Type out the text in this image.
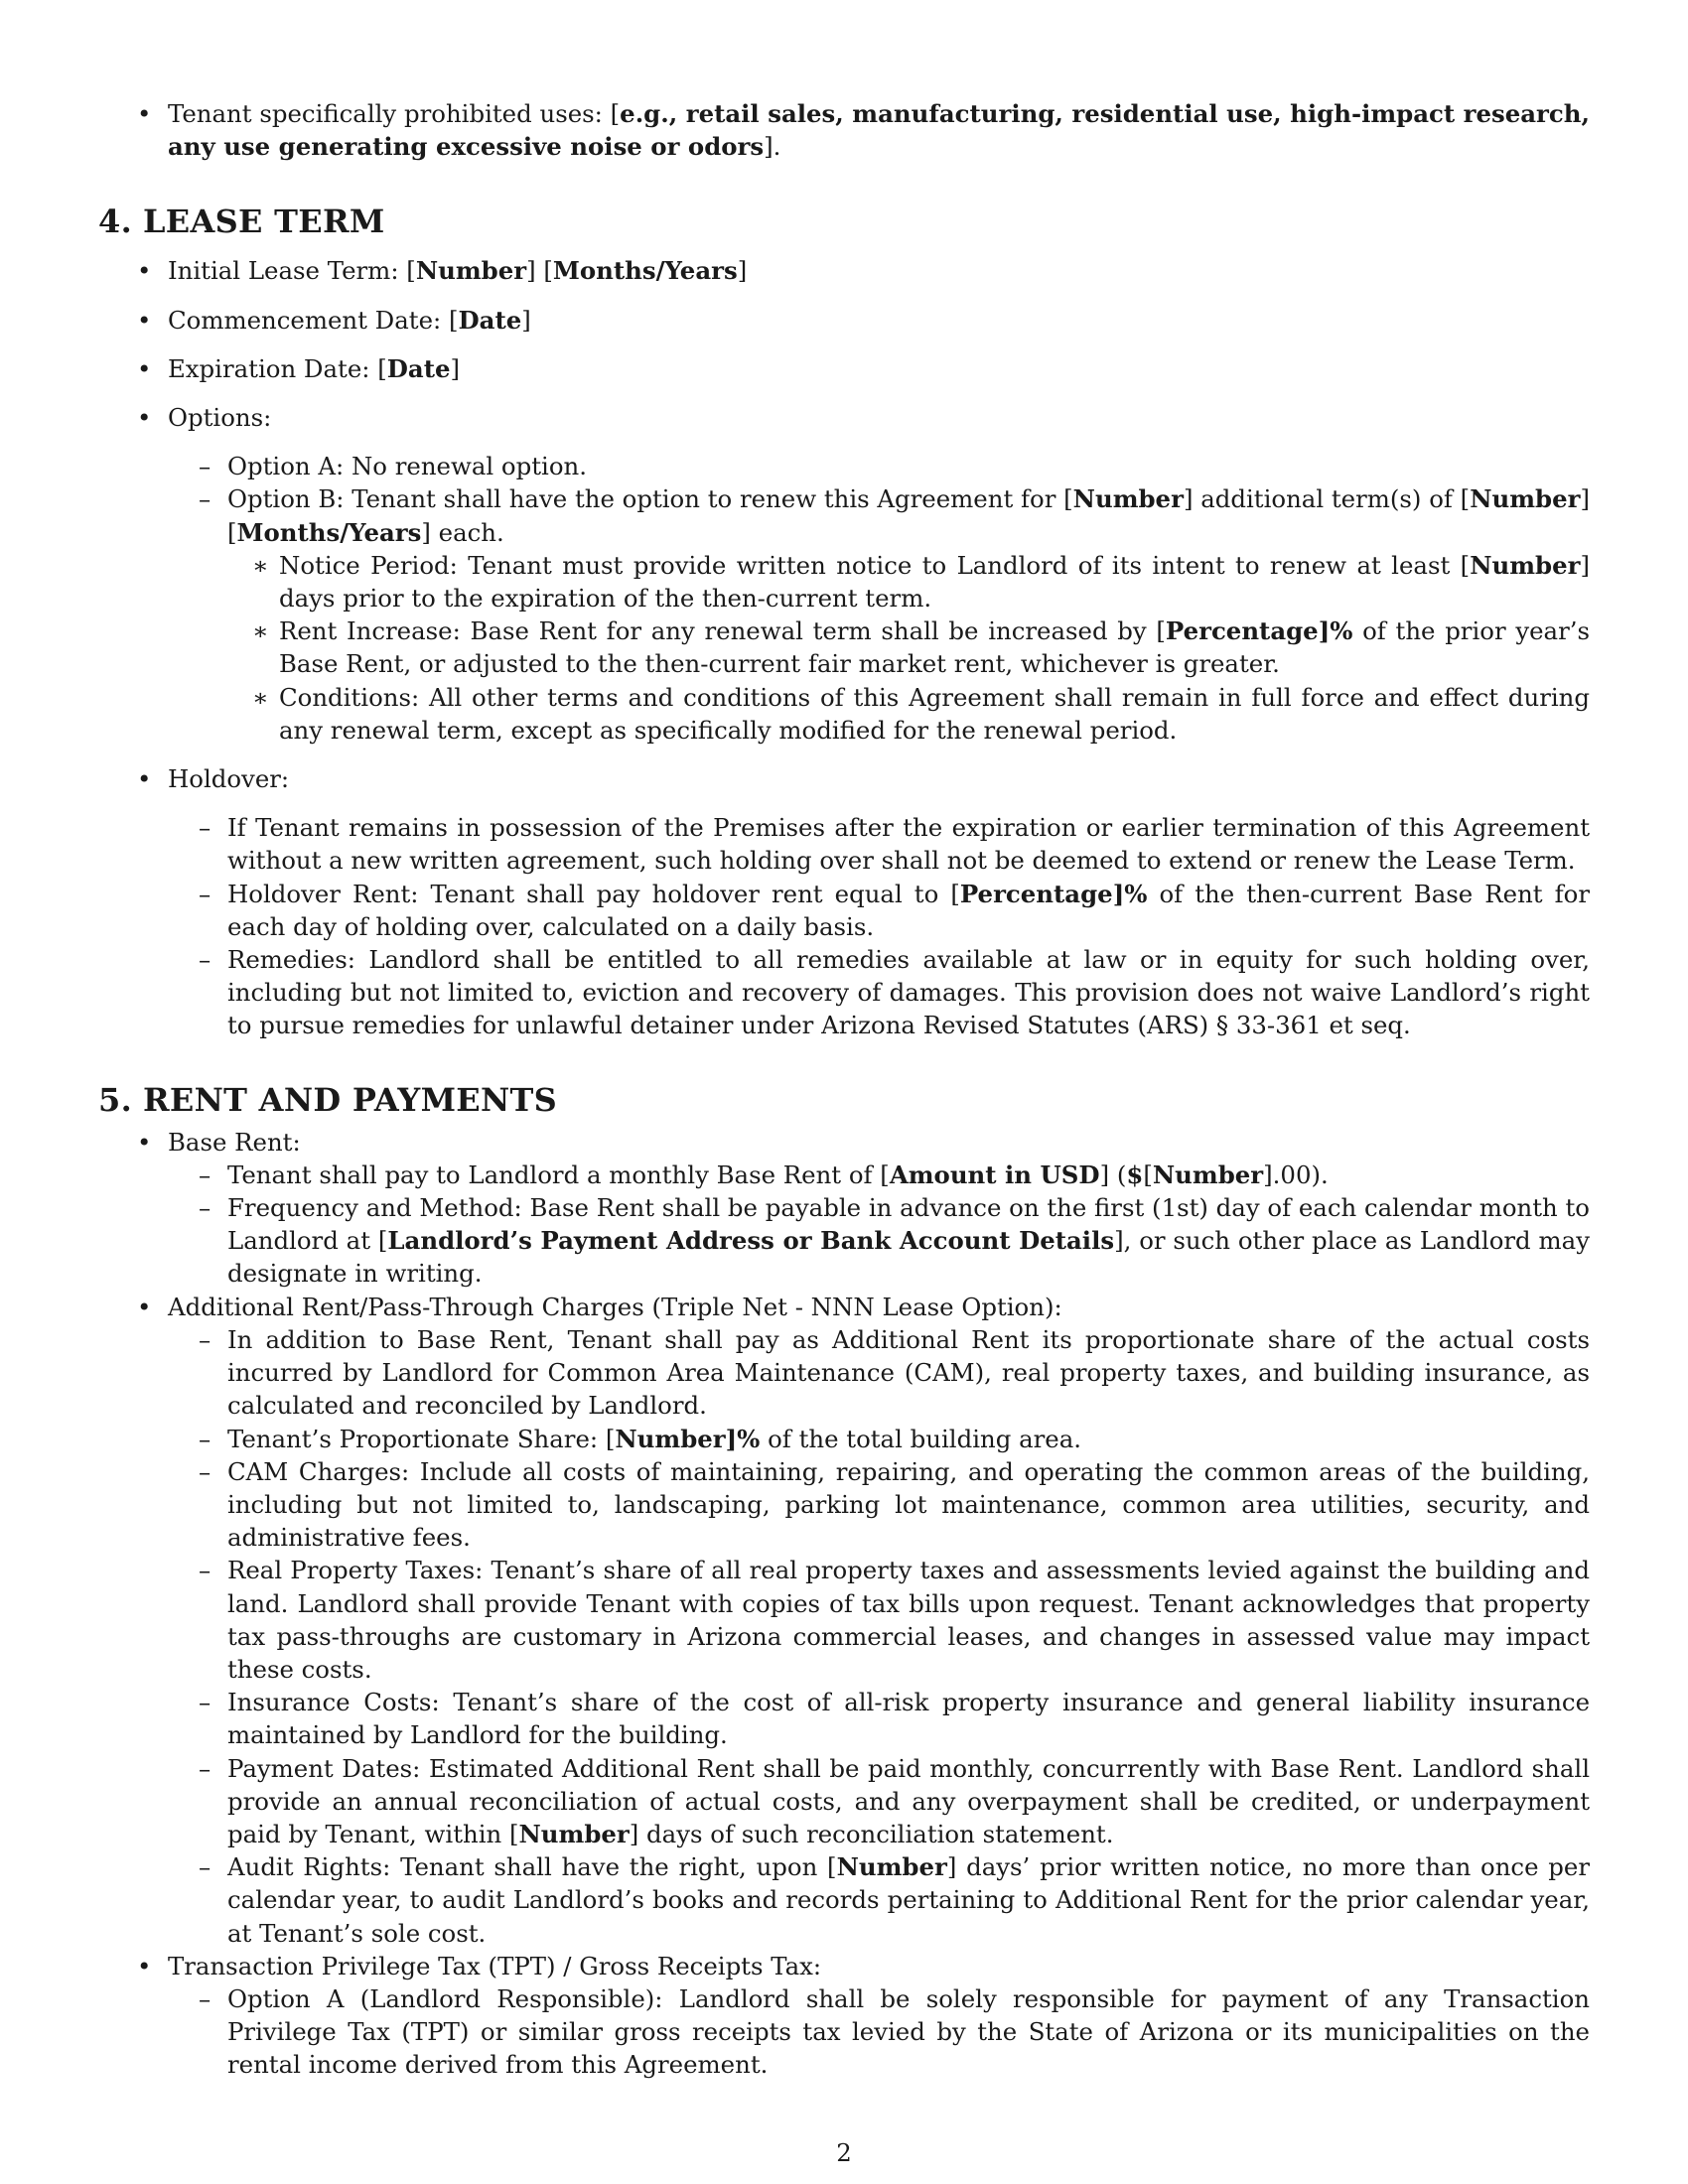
• Tenant specifically prohibited uses: [e.g., retail sales, manufacturing, residential use, high-impact research, any use generating excessive noise or odors].
4. LEASE TERM
• Initial Lease Term: [Number] [Months/Years]
• Commencement Date: [Date]
• Expiration Date: [Date]
• Options:
– Option A: No renewal option.
– Option B: Tenant shall have the option to renew this Agreement for [Number] additional term(s) of [Number] [Months/Years] each.
∗ Notice Period: Tenant must provide written notice to Landlord of its intent to renew at least [Number] days prior to the expiration of the then-current term.
∗ Rent Increase: Base Rent for any renewal term shall be increased by [Percentage]% of the prior year’s Base Rent, or adjusted to the then-current fair market rent, whichever is greater.
∗ Conditions: All other terms and conditions of this Agreement shall remain in full force and effect during any renewal term, except as specifically modified for the renewal period.
• Holdover:
– If Tenant remains in possession of the Premises after the expiration or earlier termination of this Agreement without a new written agreement, such holding over shall not be deemed to extend or renew the Lease Term.
– Holdover Rent: Tenant shall pay holdover rent equal to [Percentage]% of the then-current Base Rent for each day of holding over, calculated on a daily basis.
– Remedies: Landlord shall be entitled to all remedies available at law or in equity for such holding over, including but not limited to, eviction and recovery of damages. This provision does not waive Landlord’s right to pursue remedies for unlawful detainer under Arizona Revised Statutes (ARS) § 33-361 et seq.
5. RENT AND PAYMENTS
• Base Rent:
– Tenant shall pay to Landlord a monthly Base Rent of [Amount in USD] ($[Number].00).
– Frequency and Method: Base Rent shall be payable in advance on the first (1st) day of each calendar month to Landlord at [Landlord’s Payment Address or Bank Account Details], or such other place as Landlord may designate in writing.
• Additional Rent/Pass-Through Charges (Triple Net - NNN Lease Option):
– In addition to Base Rent, Tenant shall pay as Additional Rent its proportionate share of the actual costs incurred by Landlord for Common Area Maintenance (CAM), real property taxes, and building insurance, as calculated and reconciled by Landlord.
– Tenant’s Proportionate Share: [Number]% of the total building area.
– CAM Charges: Include all costs of maintaining, repairing, and operating the common areas of the building, including but not limited to, landscaping, parking lot maintenance, common area utilities, security, and administrative fees.
– Real Property Taxes: Tenant’s share of all real property taxes and assessments levied against the building and land. Landlord shall provide Tenant with copies of tax bills upon request. Tenant acknowledges that property tax pass-throughs are customary in Arizona commercial leases, and changes in assessed value may impact these costs.
– Insurance Costs: Tenant’s share of the cost of all-risk property insurance and general liability insurance maintained by Landlord for the building.
– Payment Dates: Estimated Additional Rent shall be paid monthly, concurrently with Base Rent. Landlord shall provide an annual reconciliation of actual costs, and any overpayment shall be credited, or underpayment paid by Tenant, within [Number] days of such reconciliation statement.
– Audit Rights: Tenant shall have the right, upon [Number] days’ prior written notice, no more than once per calendar year, to audit Landlord’s books and records pertaining to Additional Rent for the prior calendar year, at Tenant’s sole cost.
• Transaction Privilege Tax (TPT) / Gross Receipts Tax:
– Option A (Landlord Responsible): Landlord shall be solely responsible for payment of any Transaction Privilege Tax (TPT) or similar gross receipts tax levied by the State of Arizona or its municipalities on the rental income derived from this Agreement.
2
